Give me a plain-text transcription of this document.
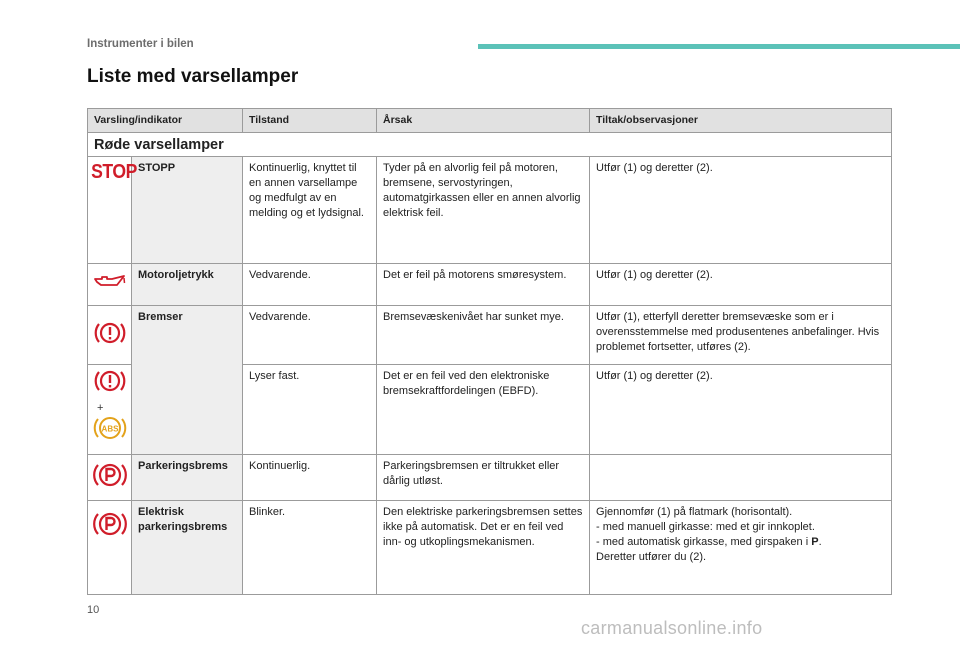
Instrumenter i bilen
Liste med varsellamper
Varsling/indikator		Tilstand	Årsak	Tiltak/observasjoner
Røde varsellamper				
STOP	STOPP	Kontinuerlig, knyttet til en annen varsellampe og medfulgt av en melding og et lydsignal.	Tyder på en alvorlig feil på motoren, bremsene, servostyringen, automatgirkassen eller en annen alvorlig elektrisk feil.	Utfør (1) og deretter (2).
	Motoroljetrykk	Vedvarende.	Det er feil på motorens smøresystem.	Utfør (1) og deretter (2).
	Bremser	Vedvarende.	Bremsevæskenivået har sunket mye.	Utfør (1), etterfyll deretter bremsevæske som er i overensstemmelse med produsentenes anbefalinger. Hvis problemet fortsetter, utføres (2).

+
ABS		Lyser fast.	Det er en feil ved den elektroniske bremsekraftfordelingen (EBFD).	Utfør (1) og deretter (2).
	Parkeringsbrems	Kontinuerlig.	Parkeringsbremsen er tiltrukket eller dårlig utløst.	
	Elektrisk parkeringsbrems	Blinker.	Den elektriske parkeringsbremsen settes ikke på automatisk. Det er en feil ved inn- og utkoplingsmekanismen.	Gjennomfør (1) på flatmark (horisontalt).
- med manuell girkasse: med et gir innkoplet.
- med automatisk girkasse, med girspaken i P.
Deretter utfører du (2).
10
carmanualsonline.info
